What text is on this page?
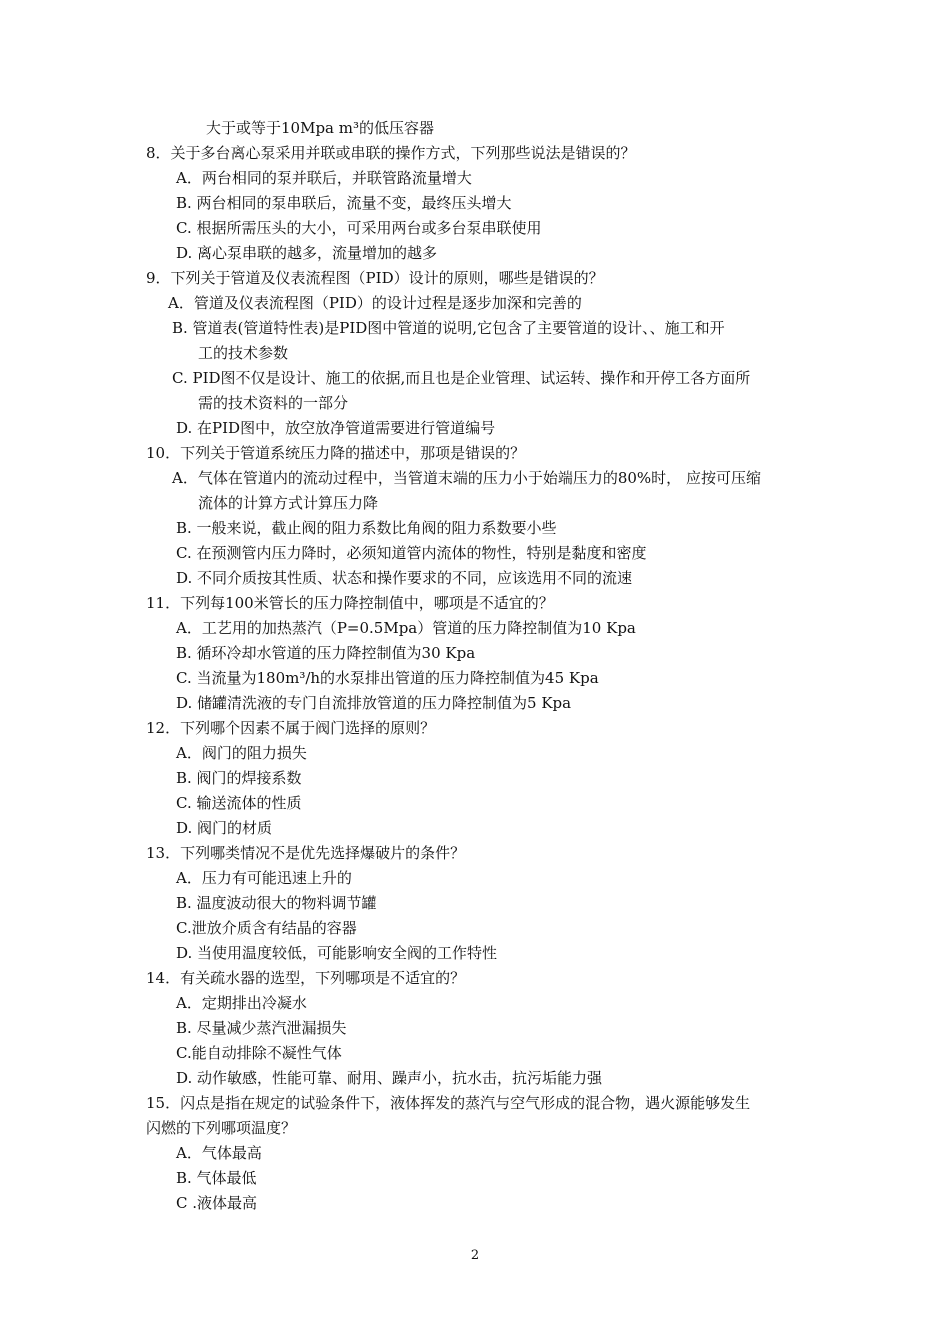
大于或等于10Mpa m³的低压容器
8．关于多台离心泵采用并联或串联的操作方式，下列那些说法是错误的？
A．两台相同的泵并联后，并联管路流量增大
B. 两台相同的泵串联后，流量不变，最终压头增大
C. 根据所需压头的大小，可采用两台或多台泵串联使用
D. 离心泵串联的越多，流量增加的越多
9．下列关于管道及仪表流程图（PID）设计的原则，哪些是错误的？
A．管道及仪表流程图（PID）的设计过程是逐步加深和完善的
B. 管道表(管道特性表)是PID图中管道的说明,它包含了主要管道的设计、、施工和开
工的技术参数
C. PID图不仅是设计、施工的依据,而且也是企业管理、试运转、操作和开停工各方面所
需的技术资料的一部分
D. 在PID图中，放空放净管道需要进行管道编号
10．下列关于管道系统压力降的描述中，那项是错误的？
A．气体在管道内的流动过程中，当管道末端的压力小于始端压力的80%时， 应按可压缩
流体的计算方式计算压力降
B. 一般来说，截止阀的阻力系数比角阀的阻力系数要小些
C. 在预测管内压力降时，必须知道管内流体的物性，特别是黏度和密度
D. 不同介质按其性质、状态和操作要求的不同，应该选用不同的流速
11．下列每100米管长的压力降控制值中，哪项是不适宜的？
A．工艺用的加热蒸汽（P=0.5Mpa）管道的压力降控制值为10 Kpa
B. 循环冷却水管道的压力降控制值为30 Kpa
C. 当流量为180m³/h的水泵排出管道的压力降控制值为45 Kpa
D. 储罐清洗液的专门自流排放管道的压力降控制值为5 Kpa
12．下列哪个因素不属于阀门选择的原则？
A．阀门的阻力损失
B. 阀门的焊接系数
C. 输送流体的性质
D. 阀门的材质
13．下列哪类情况不是优先选择爆破片的条件？
A．压力有可能迅速上升的
B. 温度波动很大的物料调节罐
C.泄放介质含有结晶的容器
D. 当使用温度较低，可能影响安全阀的工作特性
14．有关疏水器的选型，下列哪项是不适宜的？
A．定期排出冷凝水
B. 尽量减少蒸汽泄漏损失
C.能自动排除不凝性气体
D. 动作敏感，性能可靠、耐用、躁声小，抗水击，抗污垢能力强
15．闪点是指在规定的试验条件下，液体挥发的蒸汽与空气形成的混合物，遇火源能够发生
闪燃的下列哪项温度？
A．气体最高
B. 气体最低
C .液体最高
2
